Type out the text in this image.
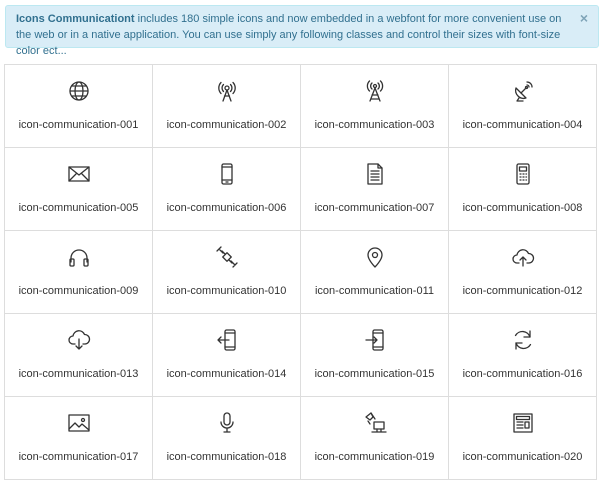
Icons Communicationt includes 180 simple icons and now embedded in a webfont for more convenient use on the web or in a native application. You can use simply any following classes and control their sizes with font-size color ect...
×
icon-communication-001	icon-communication-002	icon-communication-003	icon-communication-004
icon-communication-005	icon-communication-006	icon-communication-007	icon-communication-008
icon-communication-009	icon-communication-010	icon-communication-011	icon-communication-012
icon-communication-013	icon-communication-014	icon-communication-015	icon-communication-016
icon-communication-017	icon-communication-018	icon-communication-019	icon-communication-020
